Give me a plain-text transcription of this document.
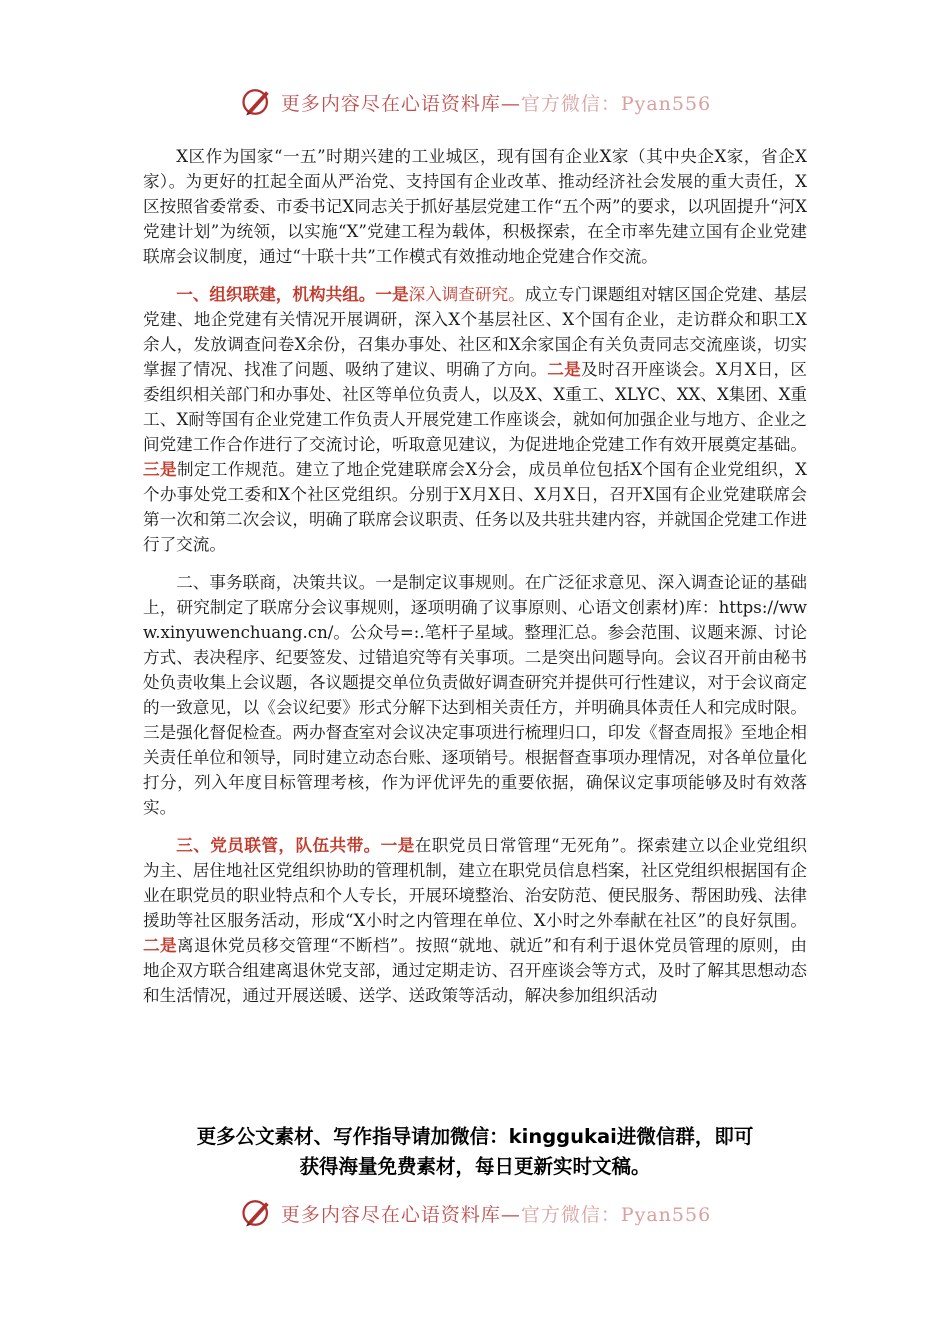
更多内容尽在心语资料库—官方微信：Pyan556

X区作为国家“一五”时期兴建的工业城区，现有国有企业X家（其中央企X家，省企X家）。为更好的扛起全面从严治党、支持国有企业改革、推动经济社会发展的重大责任，X区按照省委常委、市委书记X同志关于抓好基层党建工作“五个两”的要求，以巩固提升“河X党建计划”为统领，以实施“X”党建工程为载体，积极探索，在全市率先建立国有企业党建联席会议制度，通过“十联十共”工作模式有效推动地企党建合作交流。

一、组织联建，机构共组。一是深入调查研究。成立专门课题组对辖区国企党建、基层党建、地企党建有关情况开展调研，深入X个基层社区、X个国有企业，走访群众和职工X余人，发放调查问卷X余份，召集办事处、社区和X余家国企有关负责同志交流座谈，切实掌握了情况、找准了问题、吸纳了建议、明确了方向。二是及时召开座谈会。X月X日，区委组织相关部门和办事处、社区等单位负责人，以及X、X重工、XLYC、XX、X集团、X重工、X耐等国有企业党建工作负责人开展党建工作座谈会，就如何加强企业与地方、企业之间党建工作合作进行了交流讨论，听取意见建议，为促进地企党建工作有效开展奠定基础。三是制定工作规范。建立了地企党建联席会X分会，成员单位包括X个国有企业党组织，X个办事处党工委和X个社区党组织。分别于X月X日、X月X日，召开X国有企业党建联席会第一次和第二次会议，明确了联席会议职责、任务以及共驻共建内容，并就国企党建工作进行了交流。

二、事务联商，决策共议。一是制定议事规则。在广泛征求意见、深入调查论证的基础上，研究制定了联席分会议事规则，逐项明确了议事原则、心语文创素材)库：https://www.xinyuwenchuang.cn/。公众号=:.笔杆子星域。整理汇总。参会范围、议题来源、讨论方式、表决程序、纪要签发、过错追究等有关事项。二是突出问题导向。会议召开前由秘书处负责收集上会议题，各议题提交单位负责做好调查研究并提供可行性建议，对于会议商定的一致意见，以《会议纪要》形式分解下达到相关责任方，并明确具体责任人和完成时限。三是强化督促检查。两办督查室对会议决定事项进行梳理归口，印发《督查周报》至地企相关责任单位和领导，同时建立动态台账、逐项销号。根据督查事项办理情况，对各单位量化打分，列入年度目标管理考核，作为评优评先的重要依据，确保议定事项能够及时有效落实。

三、党员联管，队伍共带。一是在职党员日常管理“无死角”。探索建立以企业党组织为主、居住地社区党组织协助的管理机制，建立在职党员信息档案，社区党组织根据国有企业在职党员的职业特点和个人专长，开展环境整治、治安防范、便民服务、帮困助残、法律援助等社区服务活动，形成“X小时之内管理在单位、X小时之外奉献在社区”的良好氛围。二是离退休党员移交管理“不断档”。按照“就地、就近”和有利于退休党员管理的原则，由地企双方联合组建离退休党支部，通过定期走访、召开座谈会等方式，及时了解其思想动态和生活情况，通过开展送暖、送学、送政策等活动，解决参加组织活动

更多公文素材、写作指导请加微信：kinggukai进微信群，即可
获得海量免费素材，每日更新实时文稿。
更多内容尽在心语资料库—官方微信：Pyan556
